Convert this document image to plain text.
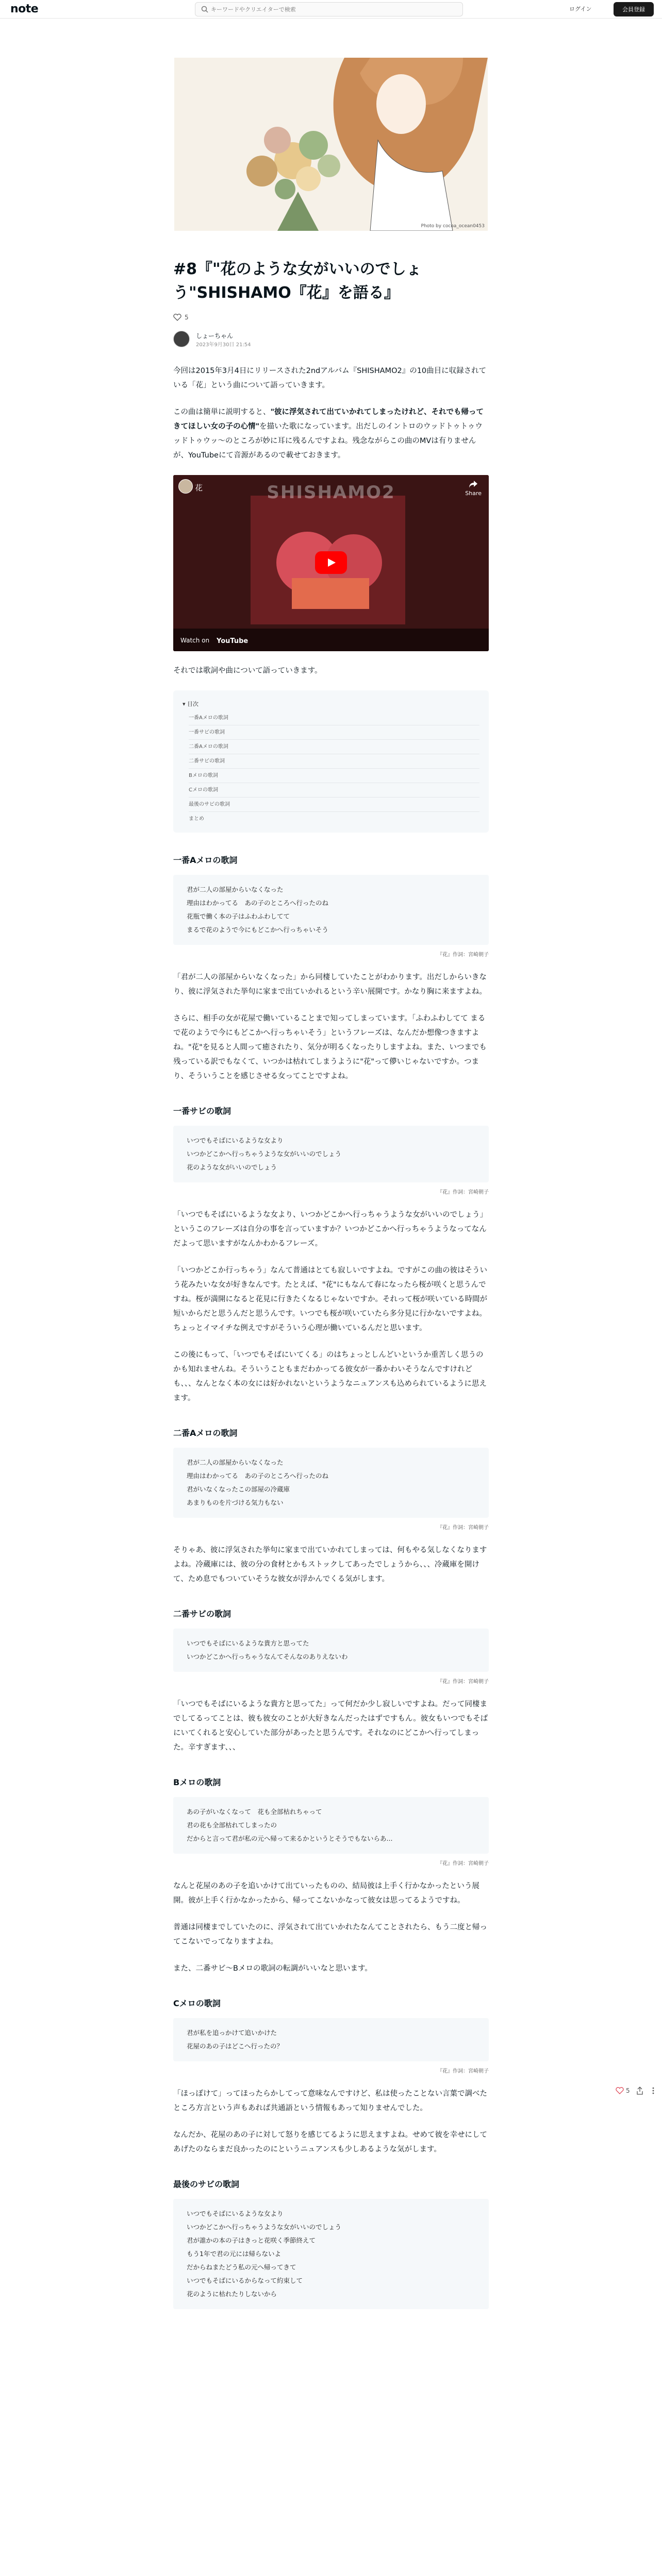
note
キーワードやクリエイターで検索	ログイン	会員登録
Photo by cocoa_ocean0453
#8『"花のような女がいいのでしょう"SHISHAMO『花』を語る』
5
しょーちゃん
2023年9月30日 21:54

今回は2015年3月4日にリリースされた2ndアルバム『SHISHAMO2』の10曲目に収録されている「花」という曲について語っていきます。

この曲は簡単に説明すると、"彼に浮気されて出ていかれてしまったけれど、それでも帰ってきてほしい女の子の心情"を描いた歌になっています。出だしのイントロのウッドトゥトゥウッドトゥウッ〜のところが妙に耳に残るんですよね。残念ながらこの曲のMVは有りませんが、YouTubeにて音源があるので載せておきます。

SHISHAMO2
花
Share
Watch on YouTube

それでは歌詞や曲について語っていきます。

▾ 目次
一番Aメロの歌詞
一番サビの歌詞
二番Aメロの歌詞
二番サビの歌詞
Bメロの歌詞
Cメロの歌詞
最後のサビの歌詞
まとめ
一番Aメロの歌詞
君が二人の部屋からいなくなった
理由はわかってる　あの子のところへ行ったのね
花瓶で働く本の子はふわふわしてて
まるで花のようで今にもどこかへ行っちゃいそう
『花』作詞：宮崎朝子

「君が二人の部屋からいなくなった」から同棲していたことがわかります。出だしからいきなり、彼に浮気された挙句に家まで出ていかれるという辛い展開です。かなり胸に来ますよね。

さらに、相手の女が花屋で働いていることまで知ってしまっています。「ふわふわしてて まるで花のようで今にもどこかへ行っちゃいそう」というフレーズは、なんだか想像つきますよね。"花"を見ると人間って癒されたり、気分が明るくなったりしますよね。また、いつまでも残っている訳でもなくて、いつかは枯れてしまうように"花"って儚いじゃないですか。つまり、そういうことを感じさせる女ってことですよね。

一番サビの歌詞
いつでもそばにいるような女より
いつかどこかへ行っちゃうような女がいいのでしょう
花のような女がいいのでしょう
『花』作詞：宮崎朝子

「いつでもそばにいるような女より、いつかどこかへ行っちゃうような女がいいのでしょう」というこのフレーズは自分の事を言っていますか？いつかどこかへ行っちゃうようなってなんだよって思いますがなんかわかるフレーズ。

「いつかどこか行っちゃう」なんて普通はとても寂しいですよね。ですがこの曲の彼はそういう花みたいな女が好きなんです。たとえば、"花"にもなんて春になったら桜が咲くと思うんですね。桜が満開になると花見に行きたくなるじゃないですか。それって桜が咲いている時間が短いからだと思うんだと思うんです。いつでも桜が咲いていたら多分見に行かないですよね。ちょっとイマイチな例えですがそういう心理が働いているんだと思います。

この後にもって、「いつでもそばにいてくる」のはちょっとしんどいというか重苦しく思うのかも知れませんね。そういうこともまだわかってる彼女が一番かわいそうなんですけれども、、、なんとなく本の女には好かれないというようなニュアンスも込められているように思えます。

二番Aメロの歌詞
君が二人の部屋からいなくなった
理由はわかってる　あの子のところへ行ったのね
君がいなくなったこの部屋の冷蔵庫
あまりものを片づける気力もない
『花』作詞：宮崎朝子

そりゃあ、彼に浮気された挙句に家まで出ていかれてしまっては、何もやる気しなくなりますよね。冷蔵庫には、彼の分の食材とかもストックしてあったでしょうから、、、冷蔵庫を開けて、ため息でもついていそうな彼女が浮かんでくる気がします。

二番サビの歌詞
いつでもそばにいるような貴方と思ってた
いつかどこかへ行っちゃうなんてそんなのありえないわ
『花』作詞：宮崎朝子

「いつでもそばにいるような貴方と思ってた」って何だか少し寂しいですよね。だって同棲までしてるってことは、彼も彼女のことが大好きなんだったはずですもん。彼女もいつでもそばにいてくれると安心していた部分があったと思うんです。それなのにどこかへ行ってしまった。辛すぎます、、、

Bメロの歌詞
あの子がいなくなって　花も全部枯れちゃって
君の花も全部枯れてしまったの
だからと言って君が私の元へ帰って来るかというとそうでもないらあ...
『花』作詞：宮崎朝子

なんと花屋のあの子を追いかけて出ていったものの、結局彼は上手く行かなかったという展開。彼が上手く行かなかったから、帰ってこないかなって彼女は思ってるようですね。

普通は同棲までしていたのに、浮気されて出ていかれたなんてことされたら、もう二度と帰ってこないでってなりますよね。

また、二番サビ〜Bメロの歌詞の転調がいいなと思います。

Cメロの歌詞
君が私を追っかけて追いかけた
花屋のあの子はどこへ行ったの？
『花』作詞：宮崎朝子

「ほっぽけて」ってほったらかしてって意味なんですけど、私は使ったことない言葉で調べたところ方言という声もあれば共通語という情報もあって知りませんでした。

なんだか、花屋のあの子に対して怒りを感じてるように思えますよね。せめて彼を幸せにしてあげたのならまだ良かったのにというニュアンスも少しあるような気がします。

最後のサビの歌詞
いつでもそばにいるような女より
いつかどこかへ行っちゃうような女がいいのでしょう
君が誰かの本の子はきっと花咲く季節終えて
もう1年で君の元には帰らないよ
だからねまたどう私の元へ帰ってきて
いつでもそばにいるからなって約束して
花のように枯れたりしないから
5
